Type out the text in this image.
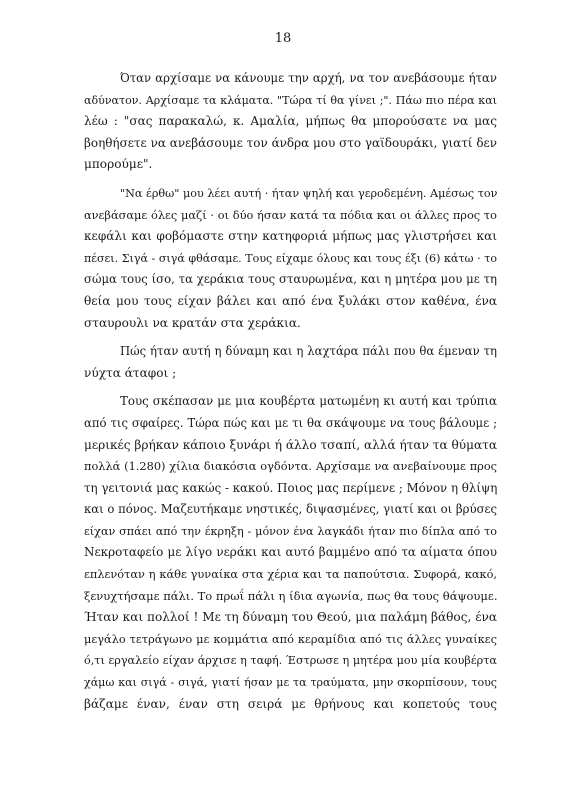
18

Όταν αρχίσαμε να κάνουμε την αρχή, να τον ανεβάσουμε ήταν
αδύνατον. Αρχίσαμε τα κλάματα. "Τώρα τί θα γίνει ;". Πάω πιο πέρα και
λέω : "σας παρακαλώ, κ. Αμαλία, μήπως θα μπορούσατε να μας
βοηθήσετε να ανεβάσουμε τον άνδρα μου στο γαϊδουράκι, γιατί δεν
μπορούμε".

"Να έρθω" μου λέει αυτή · ήταν ψηλή και γεροδεμένη. Αμέσως τον
ανεβάσαμε όλες μαζί · οι δύο ήσαν κατά τα πόδια και οι άλλες προς το
κεφάλι και φοβόμαστε στην κατηφοριά μήπως μας γλιστρήσει και
πέσει. Σιγά - σιγά φθάσαμε. Τους είχαμε όλους και τους έξι (6) κάτω · το
σώμα τους ίσο, τα χεράκια τους σταυρωμένα, και η μητέρα μου με τη
θεία μου τους είχαν βάλει και από ένα ξυλάκι στον καθένα, ένα
σταυρουλι να κρατάν στα χεράκια.

Πώς ήταν αυτή η δύναμη και η λαχτάρα πάλι που θα έμεναν τη
νύχτα άταφοι ;

Τους σκέπασαν με μια κουβέρτα ματωμένη κι αυτή και τρύπια
από τις σφαίρες. Τώρα πώς και με τι θα σκάψουμε να τους βάλουμε ;
μερικές βρήκαν κάποιο ξυνάρι ή άλλο τσαπί, αλλά ήταν τα θύματα
πολλά (1.280) χίλια διακόσια ογδόντα. Αρχίσαμε να ανεβαίνουμε προς
τη γειτονιά μας κακώς - κακού. Ποιος μας περίμενε ; Μόνον η θλίψη
και ο πόνος. Μαζευτήκαμε νηστικές, διψασμένες, γιατί και οι βρύσες
είχαν σπάει από την έκρηξη - μόνον ένα λαγκάδι ήταν πιο δίπλα από το
Νεκροταφείο με λίγο νεράκι και αυτό βαμμένο από τα αίματα όπου
επλενόταν η κάθε γυναίκα στα χέρια και τα παπούτσια. Συφορά, κακό,
ξενυχτήσαμε πάλι. Το πρωΐ πάλι η ίδια αγωνία, πως θα τους θάψουμε.
Ήταν και πολλοί ! Με τη δύναμη του Θεού, μια παλάμη βάθος, ένα
μεγάλο τετράγωνο με κομμάτια από κεραμίδια από τις άλλες γυναίκες
ό,τι εργαλείο είχαν άρχισε η ταφή. Έστρωσε η μητέρα μου μία κουβέρτα
χάμω και σιγά - σιγά, γιατί ήσαν με τα τραύματα, μην σκορπίσουν, τους
βάζαμε έναν, έναν στη σειρά με θρήνους και κοπετούς τους
